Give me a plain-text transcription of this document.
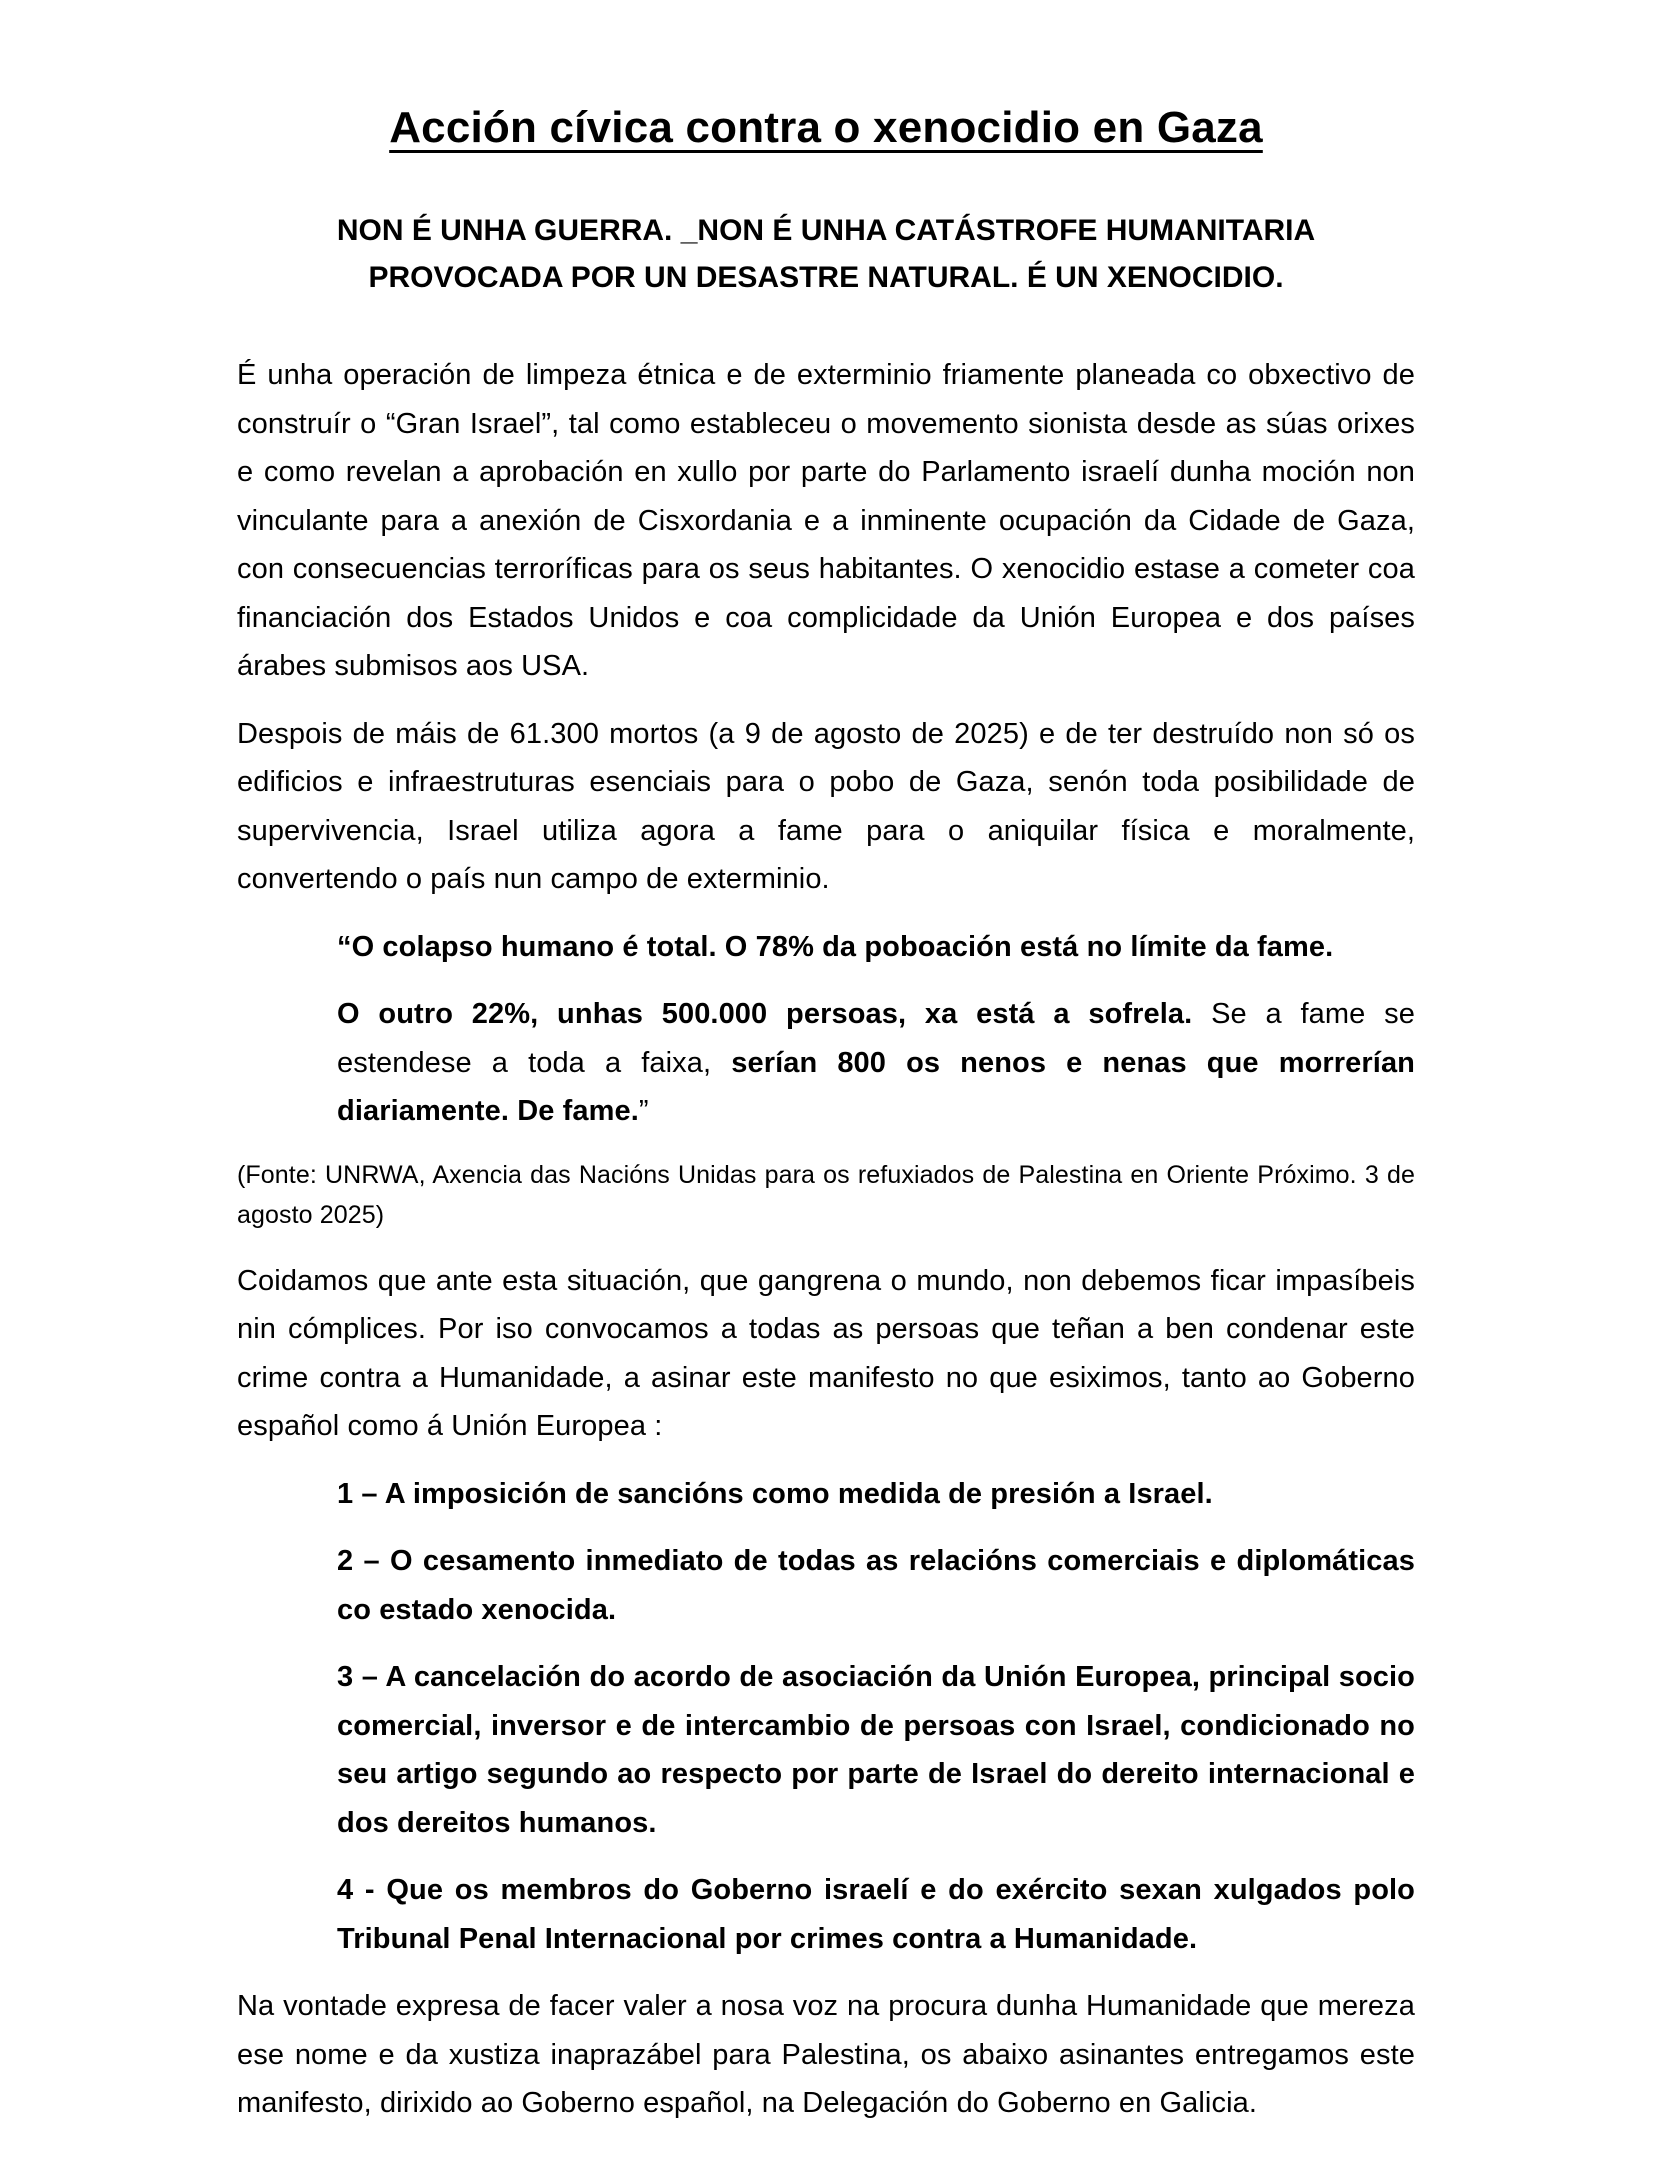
Acción cívica contra o xenocidio en Gaza
NON É UNHA GUERRA. _NON É UNHA CATÁSTROFE HUMANITARIA
PROVOCADA POR UN DESASTRE NATURAL. É UN XENOCIDIO.

É unha operación de limpeza étnica e de exterminio friamente planeada co obxectivo de construír o “Gran Israel”, tal como estableceu o movemento sionista desde as súas orixes e como revelan a aprobación en xullo por parte do Parlamento israelí dunha moción non vinculante para a anexión de Cisxordania e a inminente ocupación da Cidade de Gaza, con consecuencias terroríficas para os seus habitantes. O xenocidio estase a cometer coa financiación dos Estados Unidos e coa complicidade da Unión Europea e dos países árabes submisos aos USA.

Despois de máis de 61.300 mortos (a 9 de agosto de 2025) e de ter destruído non só os edificios e infraestruturas esenciais para o pobo de Gaza, senón toda posibilidade de supervivencia, Israel utiliza agora a fame para o aniquilar física e moralmente, convertendo o país nun campo de exterminio.

“O colapso humano é total. O 78% da poboación está no límite da fame.

O outro 22%, unhas 500.000 persoas, xa está a sofrela. Se a fame se estendese a toda a faixa, serían 800 os nenos e nenas que morrerían diariamente. De fame.”

(Fonte: UNRWA, Axencia das Nacións Unidas para os refuxiados de Palestina en Oriente Próximo. 3 de agosto 2025)

Coidamos que ante esta situación, que gangrena o mundo, non debemos ficar impasíbeis nin cómplices. Por iso convocamos a todas as persoas que teñan a ben condenar este crime contra a Humanidade, a asinar este manifesto no que esiximos, tanto ao Goberno español como á Unión Europea :

1 – A imposición de sancións como medida de presión a Israel.

2 – O cesamento inmediato de todas as relacións comerciais e diplomáticas co estado xenocida.

3 – A cancelación do acordo de asociación da Unión Europea, principal socio comercial, inversor e de intercambio de persoas con Israel, condicionado no seu artigo segundo ao respecto por parte de Israel do dereito internacional e dos dereitos humanos.

4 - Que os membros do Goberno israelí e do exército sexan xulgados polo Tribunal Penal Internacional por crimes contra a Humanidade.

Na vontade expresa de facer valer a nosa voz na procura dunha Humanidade que mereza ese nome e da xustiza inaprazábel para Palestina, os abaixo asinantes entregamos este manifesto, dirixido ao Goberno español, na Delegación do Goberno en Galicia.
